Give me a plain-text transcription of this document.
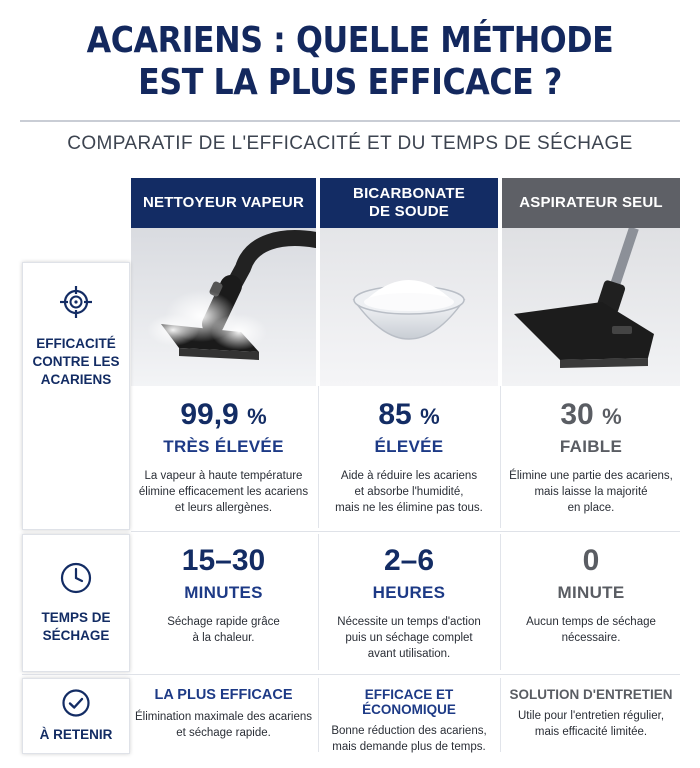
ACARIENS : QUELLE MÉTHODE
EST LA PLUS EFFICACE ?
COMPARATIF DE L'EFFICACITÉ ET DU TEMPS DE SÉCHAGE
NETTOYEUR VAPEUR
BICARBONATE
DE SOUDE
ASPIRATEUR SEUL
EFFICACITÉ
CONTRE LES
ACARIENS
99,9 %
TRÈS ÉLEVÉE
La vapeur à haute température
élimine efficacement les acariens
et leurs allergènes.
85 %
ÉLEVÉE
Aide à réduire les acariens
et absorbe l'humidité,
mais ne les élimine pas tous.
30 %
FAIBLE
Élimine une partie des acariens,
mais laisse la majorité
en place.
TEMPS DE
SÉCHAGE
15–30
MINUTES
Séchage rapide grâce
à la chaleur.
2–6
HEURES
Nécessite un temps d'action
puis un séchage complet
avant utilisation.
0
MINUTE
Aucun temps de séchage
nécessaire.
À RETENIR
LA PLUS EFFICACE
Élimination maximale des acariens
et séchage rapide.
EFFICACE ET ÉCONOMIQUE
Bonne réduction des acariens,
mais demande plus de temps.
SOLUTION D'ENTRETIEN
Utile pour l'entretien régulier,
mais efficacité limitée.
